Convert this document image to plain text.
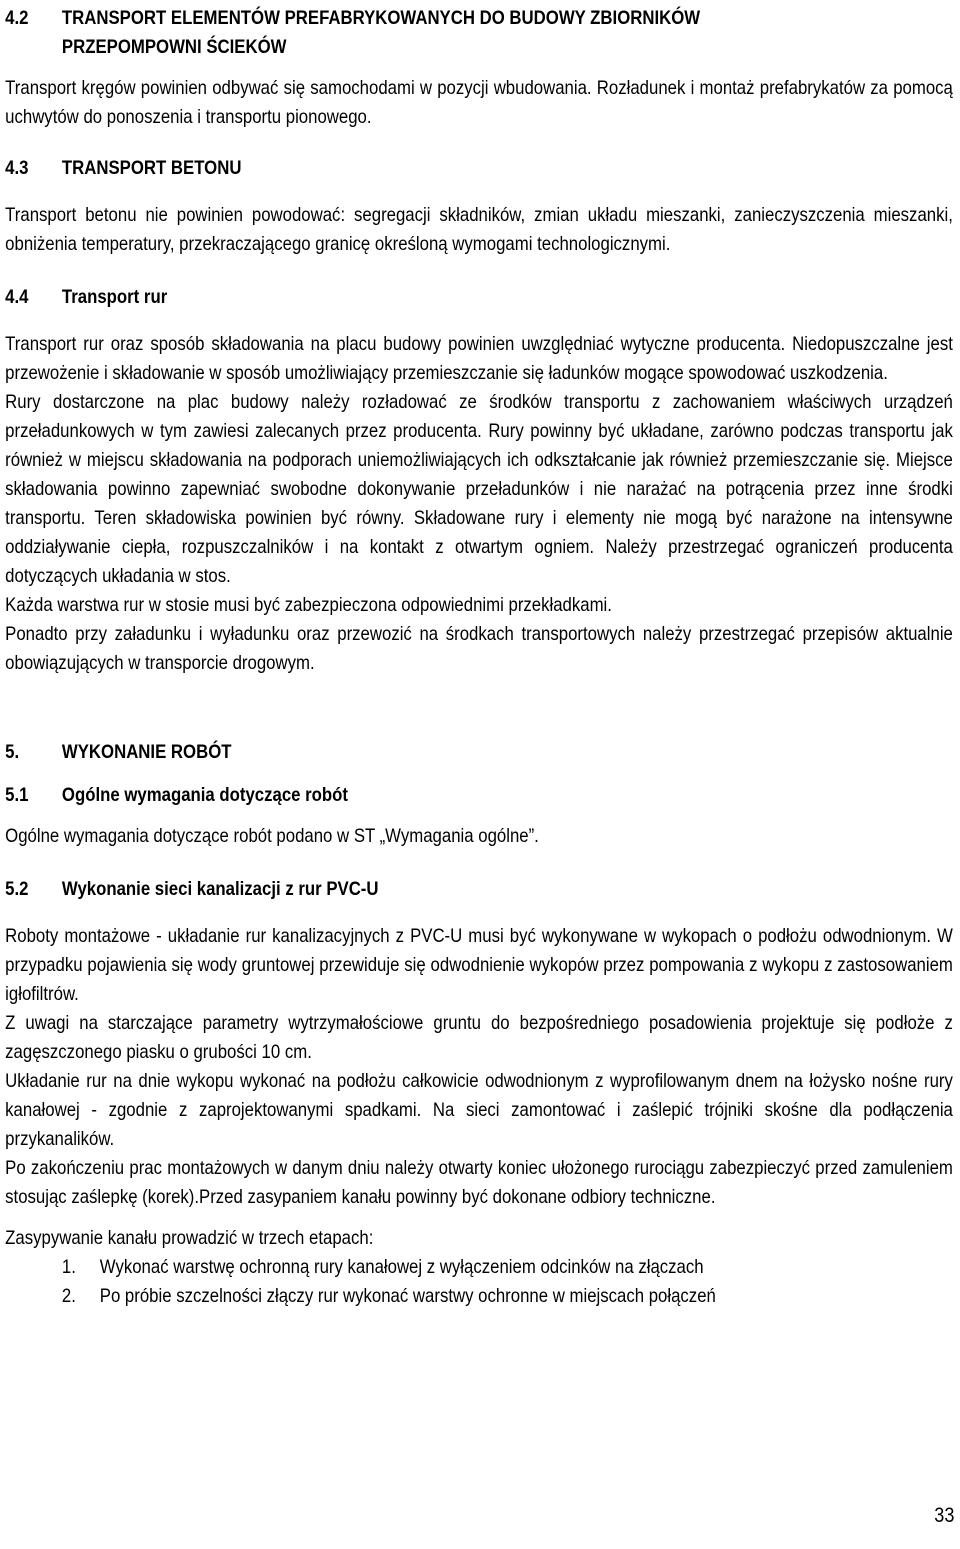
4.2	TRANSPORT ELEMENTÓW PREFABRYKOWANYCH DO BUDOWY ZBIORNIKÓW
PRZEPOMPOWNI ŚCIEKÓW

Transport kręgów powinien odbywać się samochodami w pozycji wbudowania. Rozładunek i montaż prefabrykatów za pomocą uchwytów do ponoszenia i transportu pionowego.

4.3	TRANSPORT BETONU

Transport betonu nie powinien powodować: segregacji składników, zmian układu mieszanki, zanieczyszczenia mieszanki, obniżenia temperatury, przekraczającego granicę określoną wymogami technologicznymi.

4.4	Transport rur

Transport rur oraz sposób składowania na placu budowy powinien uwzględniać wytyczne producenta. Niedopuszczalne jest przewożenie i składowanie w sposób umożliwiający przemieszczanie się ładunków mogące spowodować uszkodzenia.

Rury dostarczone na plac budowy należy rozładować ze środków transportu z zachowaniem właściwych urządzeń przeładunkowych w tym zawiesi zalecanych przez producenta. Rury powinny być układane, zarówno podczas transportu jak również w miejscu składowania na podporach uniemożliwiających ich odkształcanie jak również przemieszczanie się. Miejsce składowania powinno zapewniać swobodne dokonywanie przeładunków i nie narażać na potrącenia przez inne środki transportu. Teren składowiska powinien być równy. Składowane rury i elementy nie mogą być narażone na intensywne oddziaływanie ciepła, rozpuszczalników i na kontakt z otwartym ogniem. Należy przestrzegać ograniczeń producenta dotyczących układania w stos.

Każda warstwa rur w stosie musi być zabezpieczona odpowiednimi przekładkami.

Ponadto przy załadunku i wyładunku oraz przewozić na środkach transportowych należy przestrzegać przepisów aktualnie obowiązujących w transporcie drogowym.

5.	WYKONANIE ROBÓT
5.1	Ogólne wymagania dotyczące robót

Ogólne wymagania dotyczące robót podano w ST „Wymagania ogólne”.

5.2	Wykonanie sieci kanalizacji z rur PVC-U

Roboty montażowe - układanie rur kanalizacyjnych z PVC-U musi być wykonywane w wykopach o podłożu odwodnionym. W przypadku pojawienia się wody gruntowej przewiduje się odwodnienie wykopów przez pompowania z wykopu z zastosowaniem igłofiltrów.

Z uwagi na starczające parametry wytrzymałościowe gruntu do bezpośredniego posadowienia projektuje się podłoże z zagęszczonego piasku o grubości 10 cm.

Układanie rur na dnie wykopu wykonać na podłożu całkowicie odwodnionym z wyprofilowanym dnem na łożysko nośne rury kanałowej - zgodnie z zaprojektowanymi spadkami. Na sieci zamontować i zaślepić trójniki skośne dla podłączenia przykanalików.

Po zakończeniu prac montażowych w danym dniu należy otwarty koniec ułożonego rurociągu zabezpieczyć przed zamuleniem stosując zaślepkę (korek).Przed zasypaniem kanału powinny być dokonane odbiory techniczne.

Zasypywanie kanału prowadzić w trzech etapach:

1.	Wykonać warstwę ochronną rury kanałowej z wyłączeniem odcinków na złączach
2.	Po próbie szczelności złączy rur wykonać warstwy ochronne w miejscach połączeń
33
